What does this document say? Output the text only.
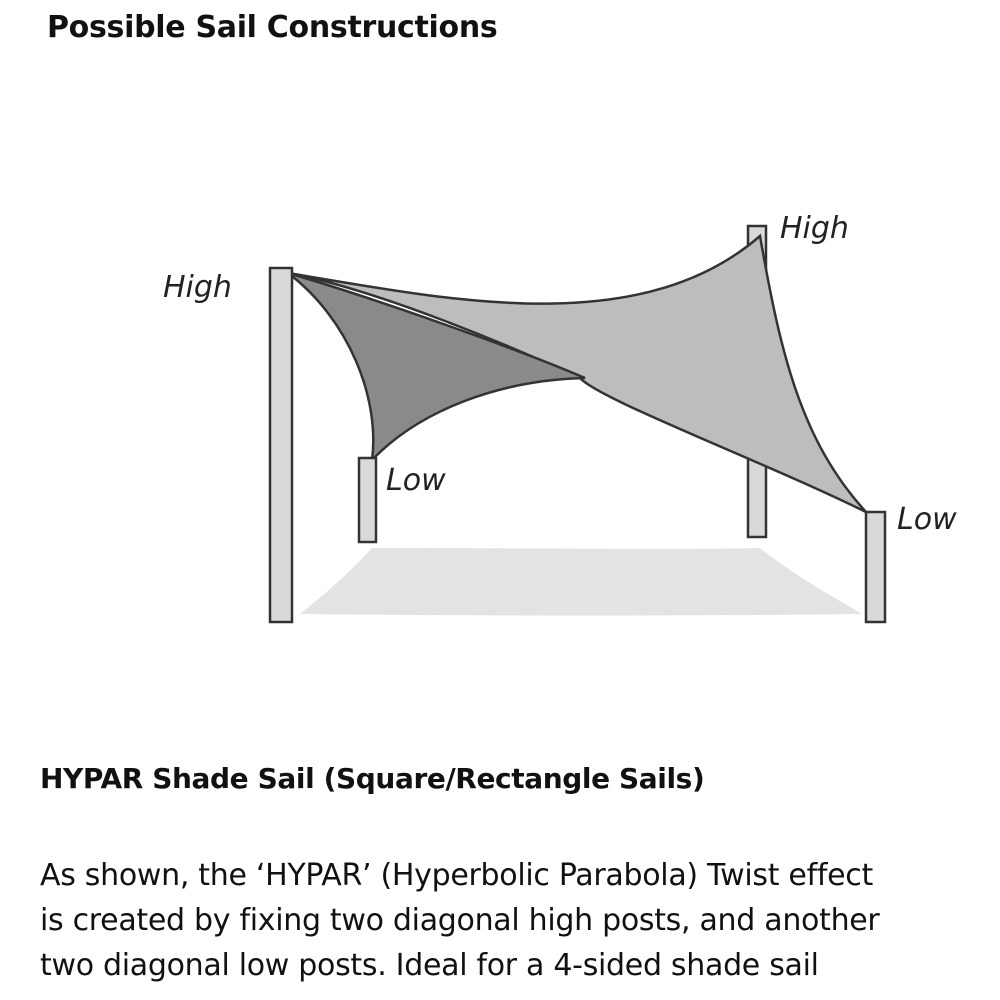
Possible Sail Constructions
High
High
Low
Low
HYPAR Shade Sail (Square/Rectangle Sails)
As shown, the ‘HYPAR’ (Hyperbolic Parabola) Twist effect
is created by fixing two diagonal high posts, and another
two diagonal low posts. Ideal for a 4-sided shade sail
